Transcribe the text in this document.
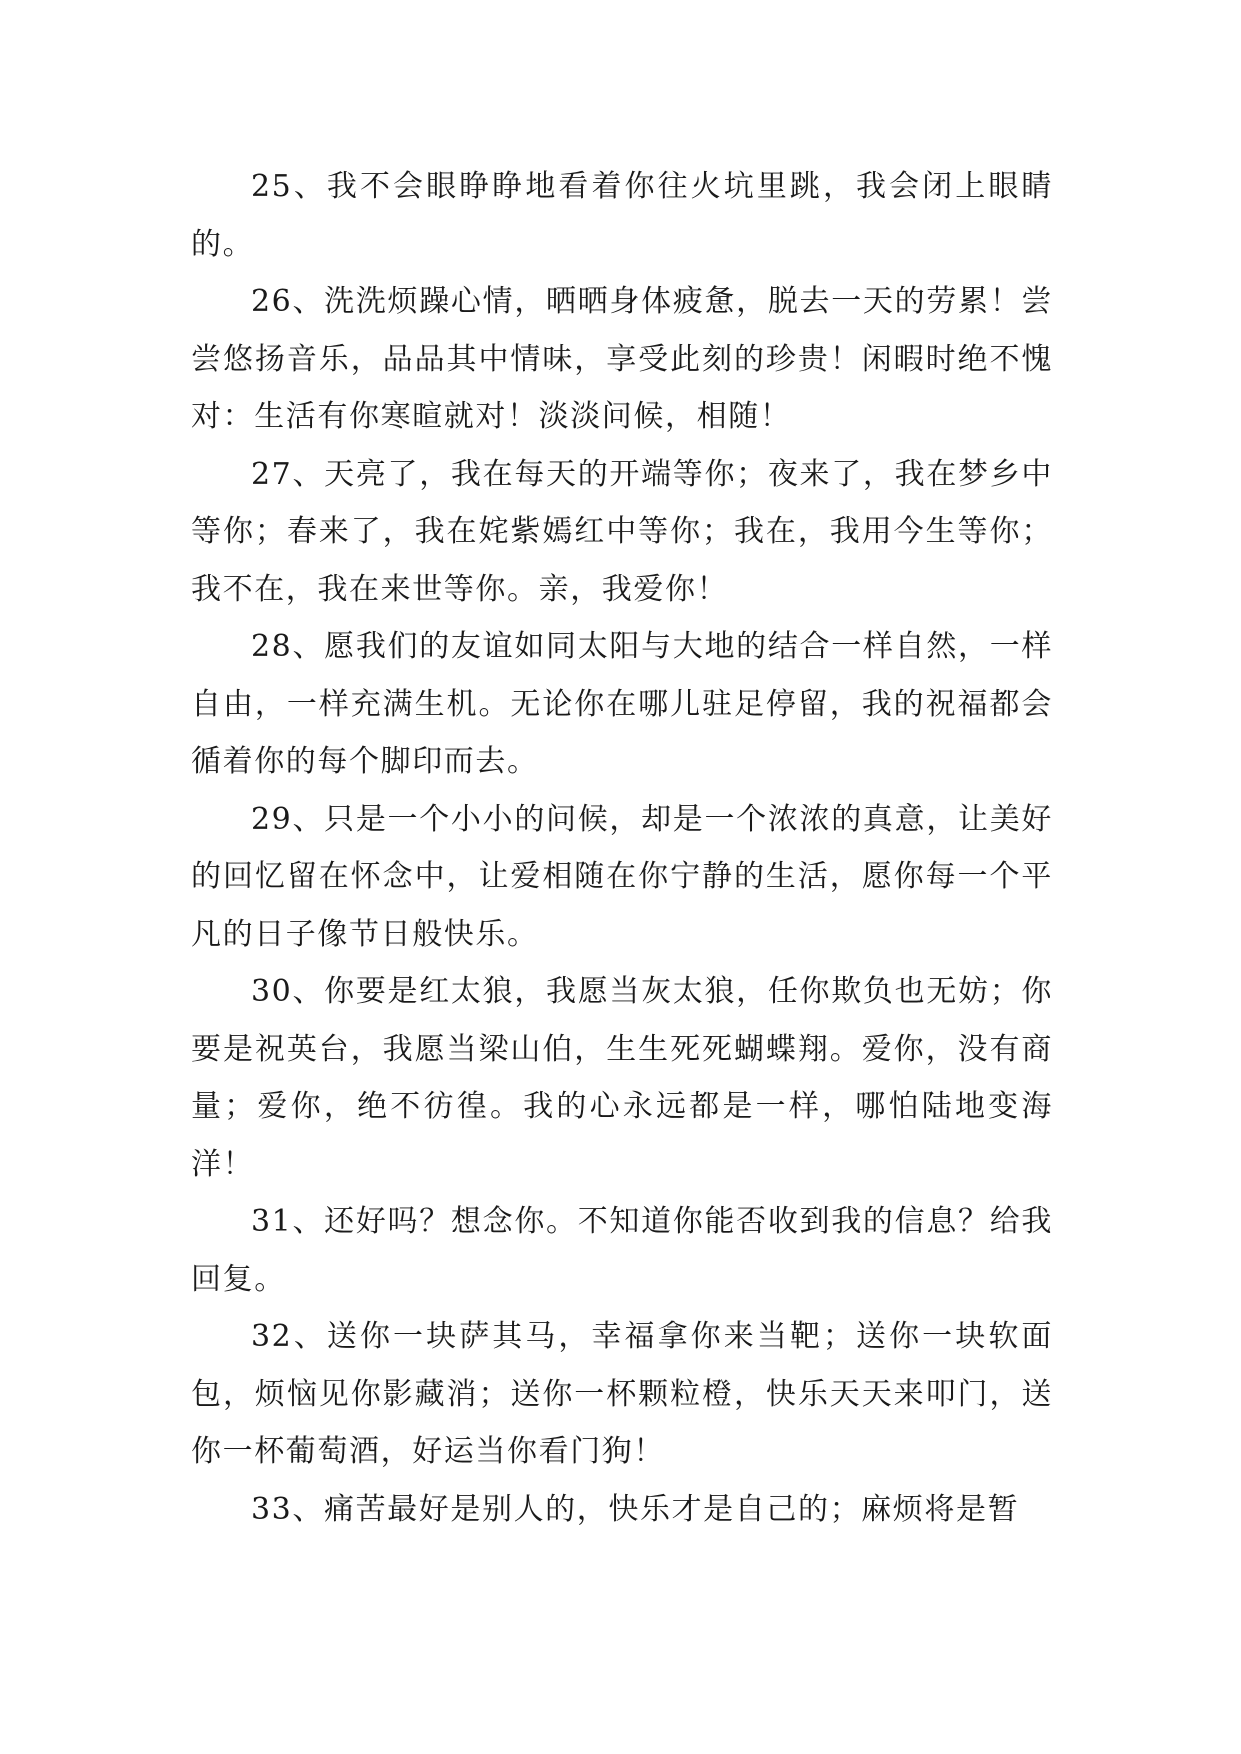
25、我不会眼睁睁地看着你往火坑里跳，我会闭上眼睛的。

26、洗洗烦躁心情，晒晒身体疲惫，脱去一天的劳累！尝尝悠扬音乐，品品其中情味，享受此刻的珍贵！闲暇时绝不愧对：生活有你寒暄就对！淡淡问候，相随！

27、天亮了，我在每天的开端等你；夜来了，我在梦乡中等你；春来了，我在姹紫嫣红中等你；我在，我用今生等你；我不在，我在来世等你。亲，我爱你！

28、愿我们的友谊如同太阳与大地的结合一样自然，一样自由，一样充满生机。无论你在哪儿驻足停留，我的祝福都会循着你的每个脚印而去。

29、只是一个小小的问候，却是一个浓浓的真意，让美好的回忆留在怀念中，让爱相随在你宁静的生活，愿你每一个平凡的日子像节日般快乐。

30、你要是红太狼，我愿当灰太狼，任你欺负也无妨；你要是祝英台，我愿当梁山伯，生生死死蝴蝶翔。爱你，没有商量；爱你，绝不彷徨。我的心永远都是一样，哪怕陆地变海洋！

31、还好吗？想念你。不知道你能否收到我的信息？给我回复。

32、送你一块萨其马，幸福拿你来当靶；送你一块软面包，烦恼见你影藏消；送你一杯颗粒橙，快乐天天来叩门，送你一杯葡萄酒，好运当你看门狗！

33、痛苦最好是别人的，快乐才是自己的；麻烦将是暂
